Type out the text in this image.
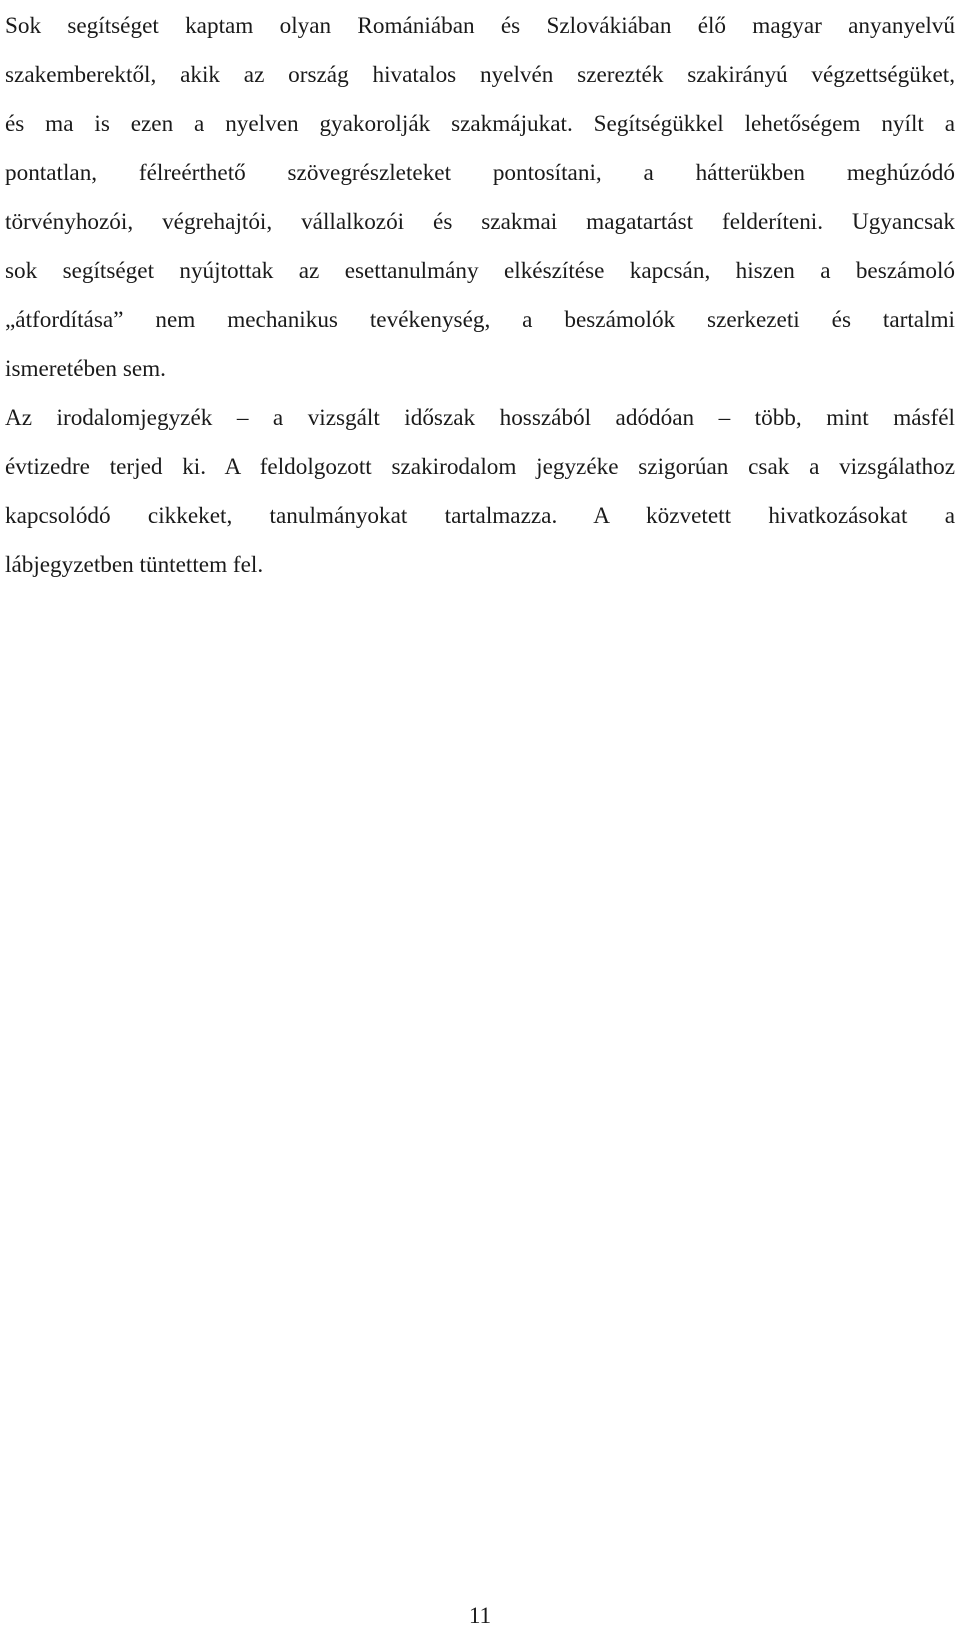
Sok segítséget kaptam olyan Romániában és Szlovákiában élő magyar anyanyelvű
szakemberektől, akik az ország hivatalos nyelvén szerezték szakirányú végzettségüket,
és ma is ezen a nyelven gyakorolják szakmájukat. Segítségükkel lehetőségem nyílt a
pontatlan, félreérthető szövegrészleteket pontosítani, a hátterükben meghúzódó
törvényhozói, végrehajtói, vállalkozói és szakmai magatartást felderíteni. Ugyancsak
sok segítséget nyújtottak az esettanulmány elkészítése kapcsán, hiszen a beszámoló
„átfordítása” nem mechanikus tevékenység, a beszámolók szerkezeti és tartalmi
ismeretében sem.
Az irodalomjegyzék – a vizsgált időszak hosszából adódóan – több, mint másfél
évtizedre terjed ki. A feldolgozott szakirodalom jegyzéke szigorúan csak a vizsgálathoz
kapcsolódó cikkeket, tanulmányokat tartalmazza. A közvetett hivatkozásokat a
lábjegyzetben tüntettem fel.
11
